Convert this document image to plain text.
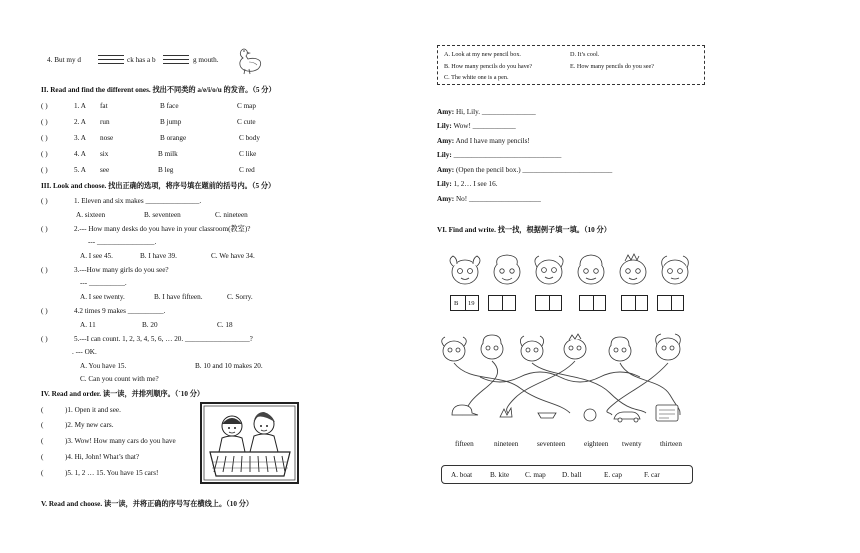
4. But my d	ck has a b	g mouth.
II. Read and find the different ones. 找出不同类的 a/e/i/o/u 的发音。（5 分）
( )	1. A fat	B face	C map
( )	2. A run	B jump	C cute
( )	3. A nose	B orange	C body
( )	4. A six	B milk	C like
( )	5. A see	B leg	C red
III. Look and choose. 找出正确的选项，将序号填在题前的括号内。（5 分）
( )	1. Eleven and six makes _______________.
A. sixteen	B. seventeen	C. nineteen
( )	2.--- How many desks do you have in your classroom(教室)?
--- ________________.
A. I see 45.	B. I have 39.	C. We have 34.
( )	3.---How many girls do you see?
--- __________.
A. I see twenty.	B. I have fifteen.	C. Sorry.
( )	4.2 times 9 makes __________.
A. 11	B. 20	C. 18
( )	5.---I can count. 1, 2, 3, 4, 5, 6, … 20. __________________?
. --- OK.
A. You have 15.	B. 10 and 10 makes 20.
C. Can you count with me?
IV. Read and order. 读一读，并排列顺序。（`10 分）
(	)1. Open it and see.
(	)2. My new cars.
(	)3. Wow! How many cars do you have
(	)4. Hi, John! What’s that?
(	)5. 1, 2 … 15. You have 15 cars!
V. Read and choose. 读一读，并将正确的序号写在横线上。（10 分）
A. Look at my new pencil box.	D. It’s cool.
B. How many pencils do you have?	E. How many pencils do you see?
C. The white one is a pen.
Amy: Hi, Lily. _______________
Lily: Wow! ____________
Amy: And I have many pencils!
Lily: ______________________________
Amy: (Open the pencil box.) _________________________
Lily: 1, 2… I see 16.
Amy: No! ____________________
VI. Find and write. 找一找，根据例子填一填。（10 分）
B 19
fifteen	nineteen	seventeen	eighteen twenty	thirteen
A. boat B. kite C. map D. ball	E. cap	F. car
